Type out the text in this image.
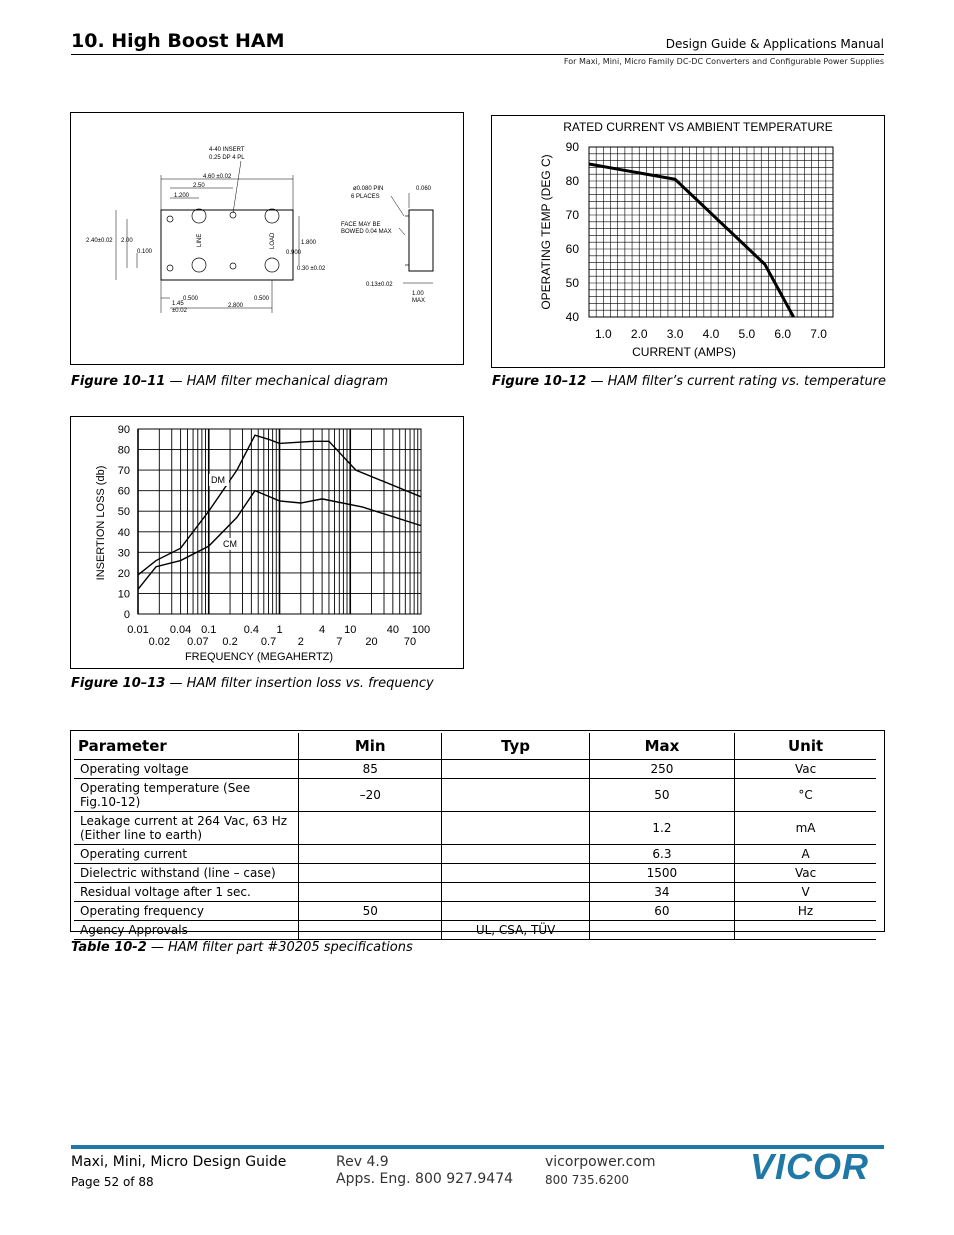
10. High Boost HAM	Design Guide & Applications Manual
For Maxi, Mini, Micro Family DC-DC Converters and Configurable Power Supplies
4-40 INSERT
0.25 DP 4 PL
4.60 ±0.02
2.50
1.200
2.40±0.02 2.00
0.100
LINE	LOAD	1.800
0.900
0.30 ±0.02
0.500
1.45
±0.02
2.800
0.500
ø0.080 PIN
6 PLACES
0.060
FACE MAY BE
BOWED 0.04 MAX
0.13±0.02
1.00
MAX
Figure 10–11 — HAM filter mechanical diagram
RATED CURRENT VS AMBIENT TEMPERATURE
1.0 2.0 3.0 4.0 5.0 6.0 7.0
40
50
60
70
80
90
CURRENT (AMPS)
OPERATING TEMP (DEG C)
Figure 10–12 — HAM filter’s current rating vs. temperature
0.01 0.04 0.1 0.4 1	4 10	40 100
0.02 0.07 0.2 0.7 2	7 20 70
0
10
20
30
40
50
60
70
80
90
FREQUENCY (MEGAHERTZ)
INSERTION LOSS (db)	DM
CM
Figure 10–13 — HAM filter insertion loss vs. frequency
Parameter	Min	Typ	Max	Unit
Operating voltage	85		250	Vac
Operating temperature (See Fig.10-12)	–20		50	°C
Leakage current at 264 Vac, 63 Hz (Either line to earth)			1.2	mA
Operating current			6.3	A
Dielectric withstand (line – case)			1500	Vac
Residual voltage after 1 sec.			34	V
Operating frequency	50		60	Hz
Agency Approvals		UL, CSA, TÜV		
Table 10-2 — HAM filter part #30205 specifications
Maxi, Mini, Micro Design Guide
Page 52 of 88
Rev 4.9
Apps. Eng. 800 927.9474
vicorpower.com
800 735.6200	VICOR
